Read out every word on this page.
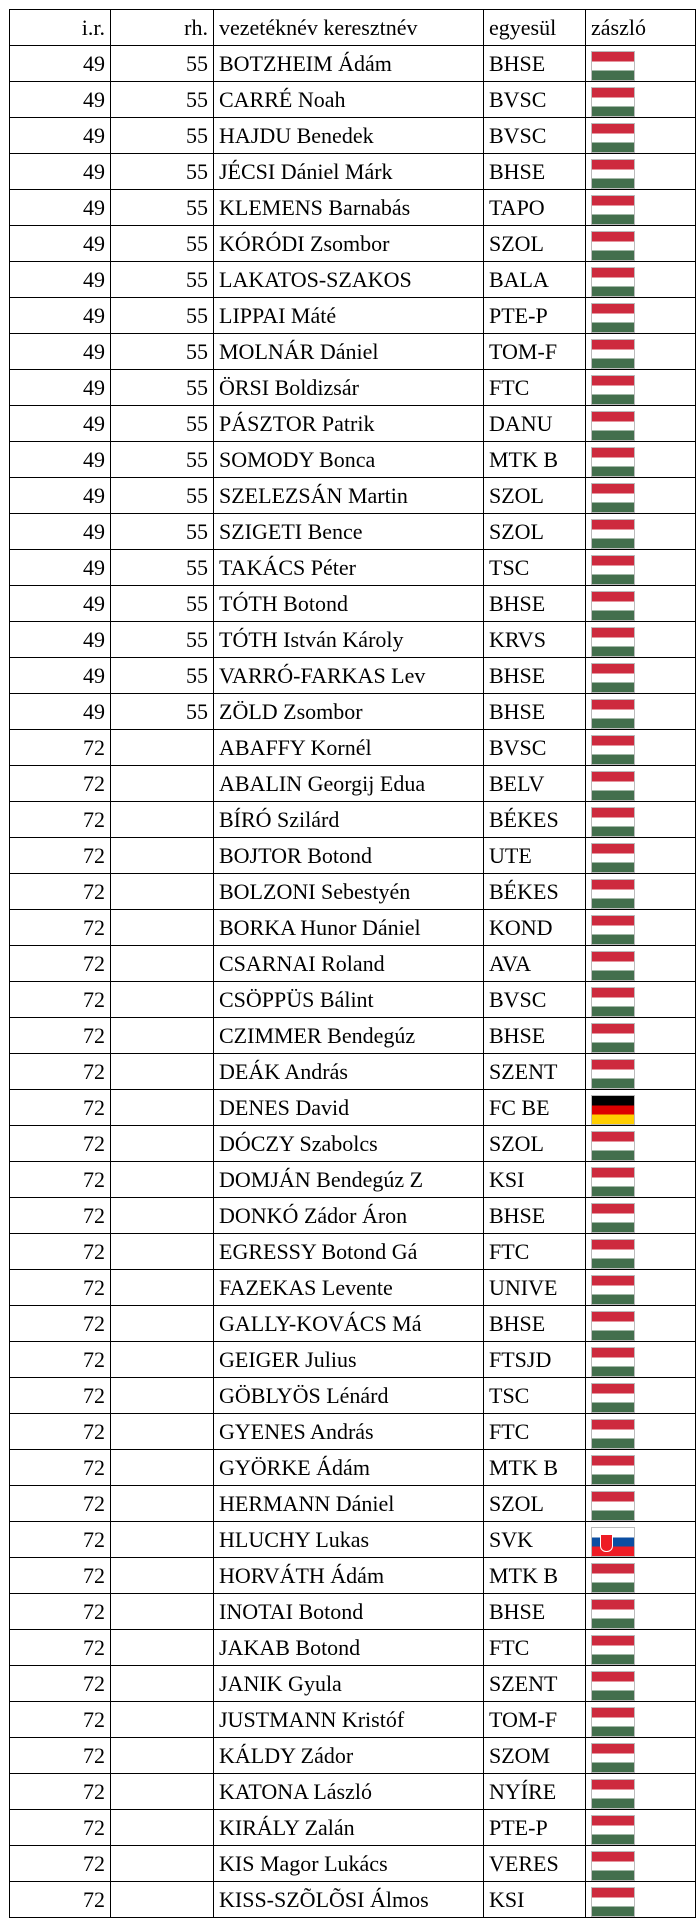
i.r.	rh.	vezetéknév keresztnév	egyesül	zászló
49	55	BOTZHEIM Ádám	BHSE	
49	55	CARRÉ Noah	BVSC	
49	55	HAJDU Benedek	BVSC	
49	55	JÉCSI Dániel Márk	BHSE	
49	55	KLEMENS Barnabás	TAPO	
49	55	KÓRÓDI Zsombor	SZOL	
49	55	LAKATOS-SZAKOS	BALA	
49	55	LIPPAI Máté	PTE-P	
49	55	MOLNÁR Dániel	TOM-F	
49	55	ÖRSI Boldizsár	FTC	
49	55	PÁSZTOR Patrik	DANU	
49	55	SOMODY Bonca	MTK B	
49	55	SZELEZSÁN Martin	SZOL	
49	55	SZIGETI Bence	SZOL	
49	55	TAKÁCS Péter	TSC	
49	55	TÓTH Botond	BHSE	
49	55	TÓTH István Károly	KRVS	
49	55	VARRÓ-FARKAS Lev	BHSE	
49	55	ZÖLD Zsombor	BHSE	
72		ABAFFY Kornél	BVSC	
72		ABALIN Georgij Edua	BELV	
72		BÍRÓ Szilárd	BÉKES	
72		BOJTOR Botond	UTE	
72		BOLZONI Sebestyén	BÉKES	
72		BORKA Hunor Dániel	KOND	
72		CSARNAI Roland	AVA	
72		CSÖPPÜS Bálint	BVSC	
72		CZIMMER Bendegúz	BHSE	
72		DEÁK András	SZENT	
72		DENES David	FC BE	
72		DÓCZY Szabolcs	SZOL	
72		DOMJÁN Bendegúz Z	KSI	
72		DONKÓ Zádor Áron	BHSE	
72		EGRESSY Botond Gá	FTC	
72		FAZEKAS Levente	UNIVE	
72		GALLY-KOVÁCS Má	BHSE	
72		GEIGER Julius	FTSJD	
72		GÖBLYÖS Lénárd	TSC	
72		GYENES András	FTC	
72		GYÖRKE Ádám	MTK B	
72		HERMANN Dániel	SZOL	
72		HLUCHY Lukas	SVK	
72		HORVÁTH Ádám	MTK B	
72		INOTAI Botond	BHSE	
72		JAKAB Botond	FTC	
72		JANIK Gyula	SZENT	
72		JUSTMANN Kristóf	TOM-F	
72		KÁLDY Zádor	SZOM	
72		KATONA László	NYÍRE	
72		KIRÁLY Zalán	PTE-P	
72		KIS Magor Lukács	VERES	
72		KISS-SZÕLÕSI Álmos	KSI	
